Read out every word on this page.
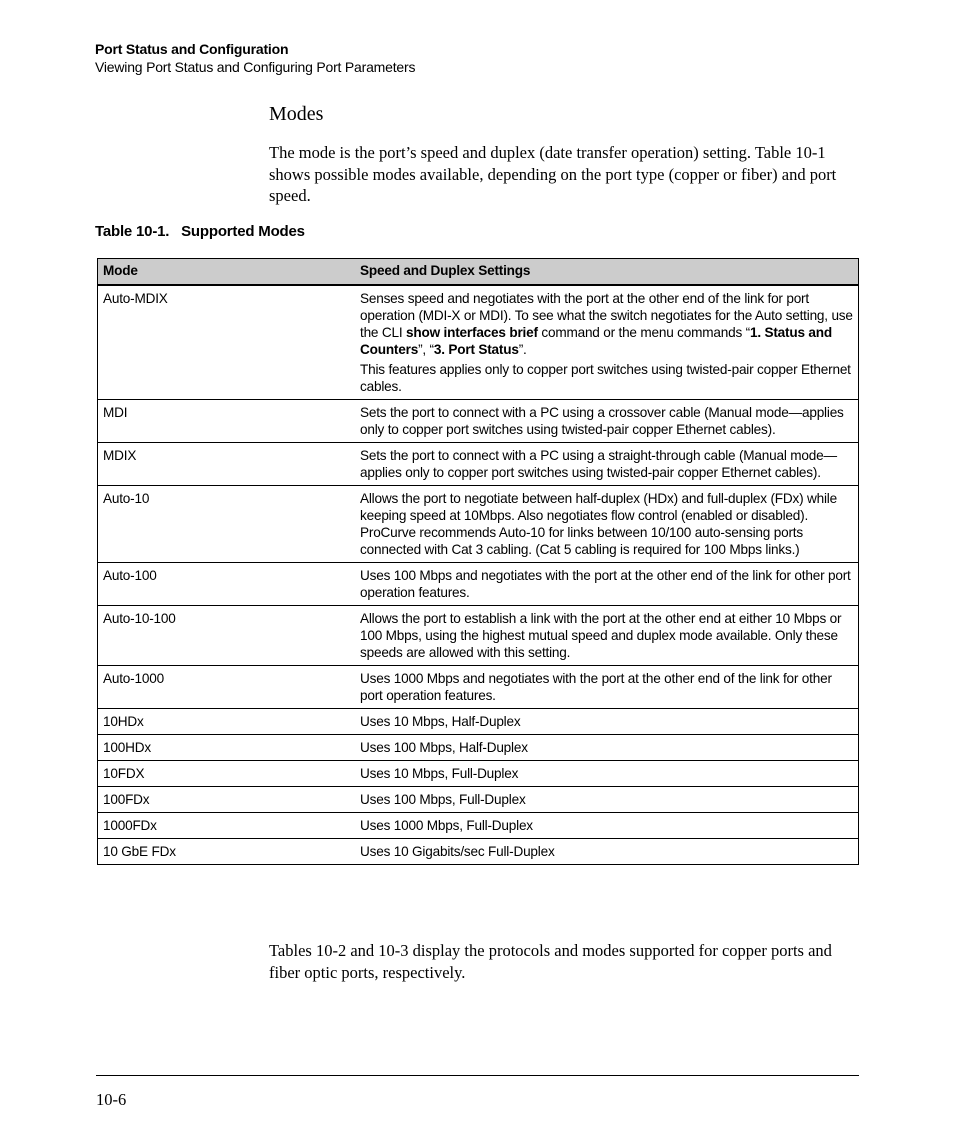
Port Status and Configuration
Viewing Port Status and Configuring Port Parameters
Modes
The mode is the port’s speed and duplex (date transfer operation) setting. Table 10-1 shows possible modes available, depending on the port type (copper or fiber) and port speed.
Table 10-1.   Supported Modes
Mode	Speed and Duplex Settings
Auto-MDIX	Senses speed and negotiates with the port at the other end of the link for port operation (MDI-X or MDI). To see what the switch negotiates for the Auto setting, use the CLI show interfaces brief command or the menu commands “1. Status and Counters”, “3. Port Status”.

This features applies only to copper port switches using twisted-pair copper Ethernet cables.

MDI	Sets the port to connect with a PC using a crossover cable (Manual mode—applies only to copper port switches using twisted-pair copper Ethernet cables).
MDIX	Sets the port to connect with a PC using a straight-through cable (Manual mode—applies only to copper port switches using twisted-pair copper Ethernet cables).
Auto-10	Allows the port to negotiate between half-duplex (HDx) and full-duplex (FDx) while keeping speed at 10Mbps. Also negotiates flow control (enabled or disabled). ProCurve recommends Auto-10 for links between 10/100 auto-sensing ports connected with Cat 3 cabling. (Cat 5 cabling is required for 100 Mbps links.)
Auto-100	Uses 100 Mbps and negotiates with the port at the other end of the link for other port operation features.
Auto-10-100	Allows the port to establish a link with the port at the other end at either 10 Mbps or 100 Mbps, using the highest mutual speed and duplex mode available. Only these speeds are allowed with this setting.
Auto-1000	Uses 1000 Mbps and negotiates with the port at the other end of the link for other port operation features.
10HDx	Uses 10 Mbps, Half-Duplex
100HDx	Uses 100 Mbps, Half-Duplex
10FDX	Uses 10 Mbps, Full-Duplex
100FDx	Uses 100 Mbps, Full-Duplex
1000FDx	Uses 1000 Mbps, Full-Duplex
10 GbE FDx	Uses 10 Gigabits/sec Full-Duplex
Tables 10-2 and 10-3 display the protocols and modes supported for copper ports and fiber optic ports, respectively.
10-6
